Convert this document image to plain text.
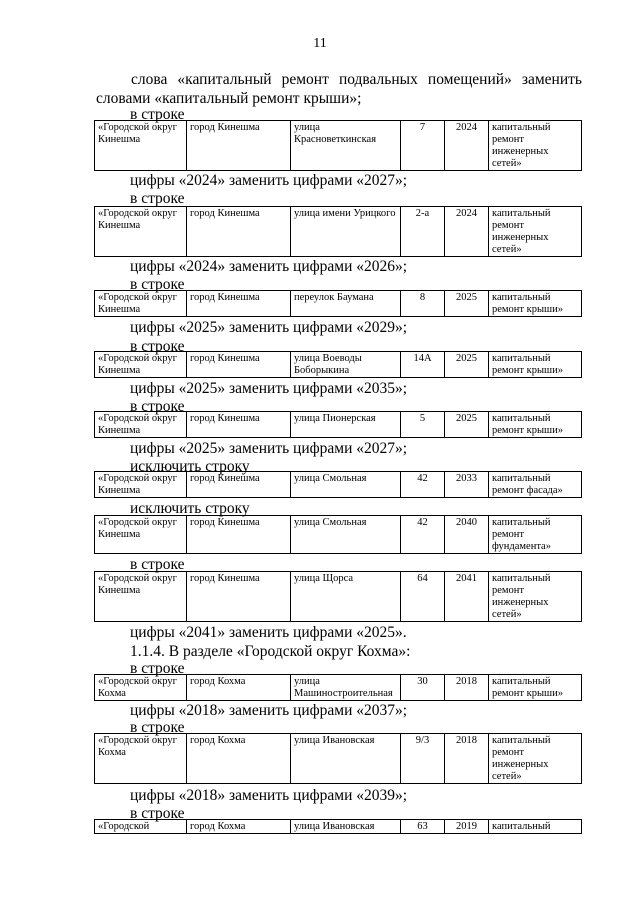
11
слова «капитальный ремонт подвальных помещений» заменить
словами «капитальный ремонт крыши»;
в строке
цифры «2024» заменить цифрами «2027»;
в строке
цифры «2024» заменить цифрами «2026»;
в строке
цифры «2025» заменить цифрами «2029»;
в строке
цифры «2025» заменить цифрами «2035»;
в строке
цифры «2025» заменить цифрами «2027»;
исключить строку
исключить строку
в строке
цифры «2041» заменить цифрами «2025».
1.1.4. В разделе «Городской округ Кохма»:
в строке
цифры «2018» заменить цифрами «2037»;
в строке
цифры «2018» заменить цифрами «2039»;
в строке
«Городской округ Кинешма	город Кинешма	улица Красноветкинская	7	2024	капитальный ремонт инженерных сетей»
«Городской округ Кинешма	город Кинешма	улица имени Урицкого	2-а	2024	капитальный ремонт инженерных сетей»
«Городской округ Кинешма	город Кинешма	переулок Баумана	8	2025	капитальный ремонт крыши»
«Городской округ Кинешма	город Кинешма	улица Воеводы Боборыкина	14А	2025	капитальный ремонт крыши»
«Городской округ Кинешма	город Кинешма	улица Пионерская	5	2025	капитальный ремонт крыши»
«Городской округ Кинешма	город Кинешма	улица Смольная	42	2033	капитальный ремонт фасада»
«Городской округ Кинешма	город Кинешма	улица Смольная	42	2040	капитальный ремонт фундамента»
«Городской округ Кинешма	город Кинешма	улица Щорса	64	2041	капитальный ремонт инженерных сетей»
«Городской округ Кохма	город Кохма	улица Машиностроительная	30	2018	капитальный ремонт крыши»
«Городской округ Кохма	город Кохма	улица Ивановская	9/3	2018	капитальный ремонт инженерных сетей»
«Городской	город Кохма	улица Ивановская	63	2019	капитальный
